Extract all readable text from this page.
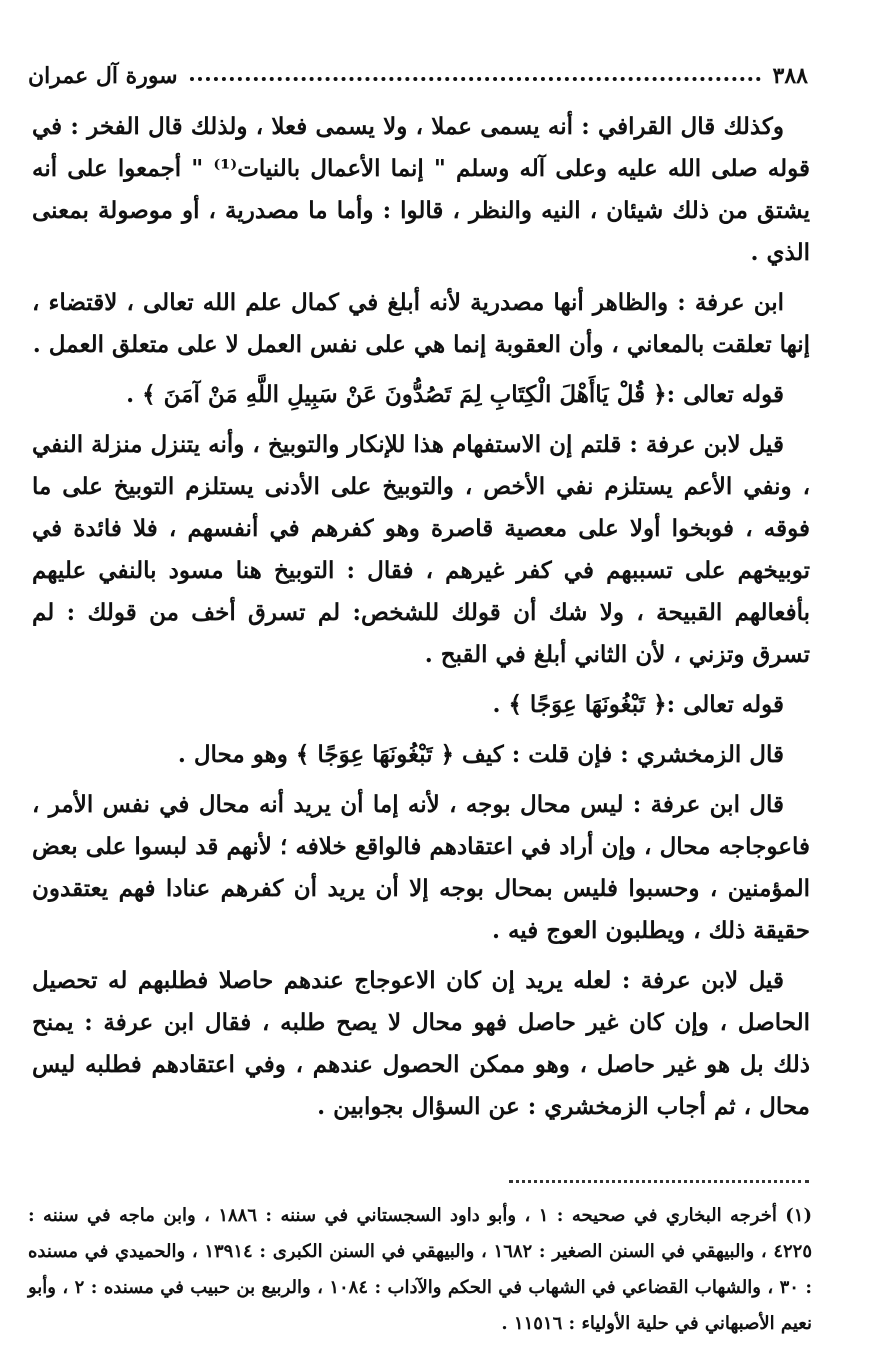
٣٨٨
سورة آل عمران

وكذلك قال القرافي : أنه يسمى عملا ، ولا يسمى فعلا ، ولذلك قال الفخر : في قوله صلى الله عليه وعلى آله وسلم " إنما الأعمال بالنيات⁽¹⁾ " أجمعوا على أنه يشتق من ذلك شيئان ، النيه والنظر ، قالوا : وأما ما مصدرية ، أو موصولة بمعنى الذي .

ابن عرفة : والظاهر أنها مصدرية لأنه أبلغ في كمال علم الله تعالى ، لاقتضاء ، إنها تعلقت بالمعاني ، وأن العقوبة إنما هي على نفس العمل لا على متعلق العمل .

قوله تعالى :﴿ قُلْ يَاأَهْلَ الْكِتَابِ لِمَ تَصُدُّونَ عَنْ سَبِيلِ اللَّهِ مَنْ آمَنَ ﴾ .

قيل لابن عرفة : قلتم إن الاستفهام هذا للإنكار والتوبيخ ، وأنه يتنزل منزلة النفي ، ونفي الأعم يستلزم نفي الأخص ، والتوبيخ على الأدنى يستلزم التوبيخ على ما فوقه ، فوبخوا أولا على معصية قاصرة وهو كفرهم في أنفسهم ، فلا فائدة في توبيخهم على تسببهم في كفر غيرهم ، فقال : التوبيخ هنا مسود بالنفي عليهم بأفعالهم القبيحة ، ولا شك أن قولك للشخص: لم تسرق أخف من قولك : لم تسرق وتزني ، لأن الثاني أبلغ في القبح .

قوله تعالى :﴿ تَبْغُونَهَا عِوَجًا ﴾ .

قال الزمخشري : فإن قلت : كيف ﴿ تَبْغُونَهَا عِوَجًا ﴾ وهو محال .

قال ابن عرفة : ليس محال بوجه ، لأنه إما أن يريد أنه محال في نفس الأمر ، فاعوجاجه محال ، وإن أراد في اعتقادهم فالواقع خلافه ؛ لأنهم قد لبسوا على بعض المؤمنين ، وحسبوا فليس بمحال بوجه إلا أن يريد أن كفرهم عنادا فهم يعتقدون حقيقة ذلك ، ويطلبون العوج فيه .

قيل لابن عرفة : لعله يريد إن كان الاعوجاج عندهم حاصلا فطلبهم له تحصيل الحاصل ، وإن كان غير حاصل فهو محال لا يصح طلبه ، فقال ابن عرفة : يمنح ذلك بل هو غير حاصل ، وهو ممكن الحصول عندهم ، وفي اعتقادهم فطلبه ليس محال ، ثم أجاب الزمخشري : عن السؤال بجوابين .

(١) أخرجه البخاري في صحيحه : ١ ، وأبو داود السجستاني في سننه : ١٨٨٦ ، وابن ماجه في سننه : ٤٢٢٥ ، والبيهقي في السنن الصغير : ١٦٨٢ ، والبيهقي في السنن الكبرى : ١٣٩١٤ ، والحميدي في مسنده : ٣٠ ، والشهاب القضاعي في الشهاب في الحكم والآداب : ١٠٨٤ ، والربيع بن حبيب في مسنده : ٢ ، وأبو نعيم الأصبهاني في حلية الأولياء : ١١٥١٦ .
